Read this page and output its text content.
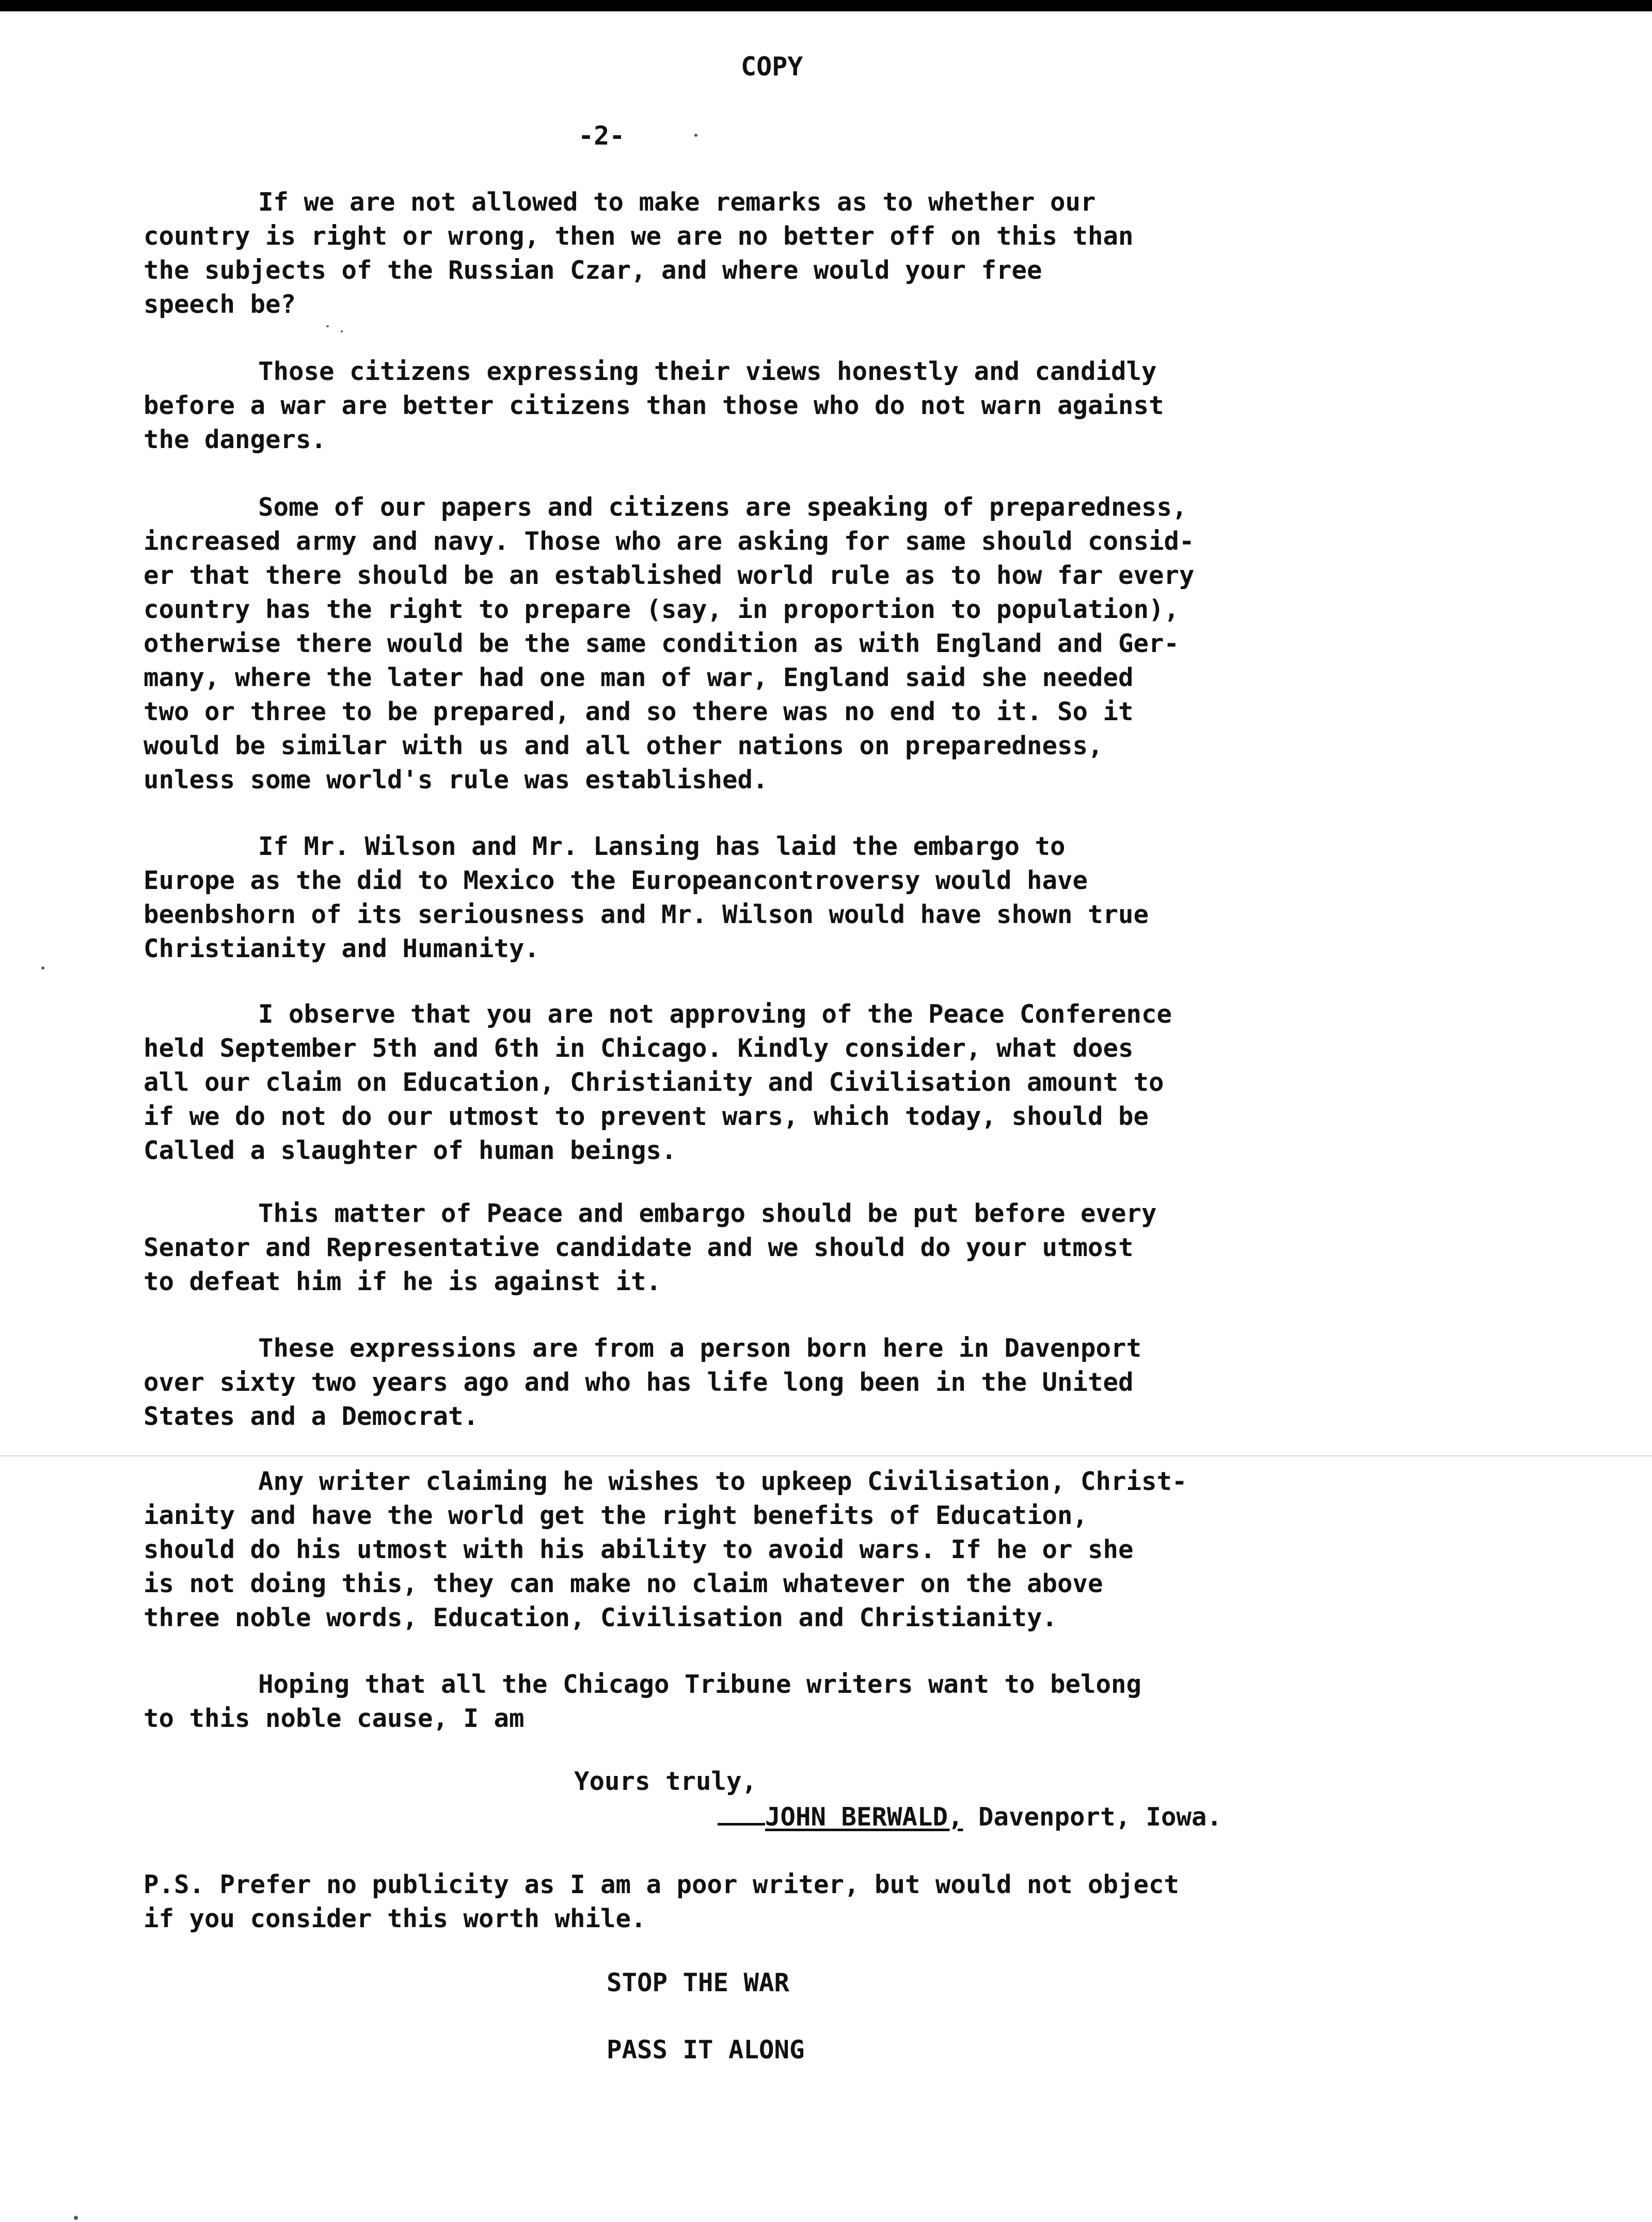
COPY
-2-
If we are not allowed to make remarks as to whether our
country is right or wrong, then we are no better off on this than
the subjects of the Russian Czar, and where would your free
speech be?
Those citizens expressing their views honestly and candidly
before a war are better citizens than those who do not warn against
the dangers.
Some of our papers and citizens are speaking of preparedness,
increased army and navy. Those who are asking for same should consid-
er that there should be an established world rule as to how far every
country has the right to prepare (say, in proportion to population),
otherwise there would be the same condition as with England and Ger-
many, where the later had one man of war, England said she needed
two or three to be prepared, and so there was no end to it. So it
would be similar with us and all other nations on preparedness,
unless some world's rule was established.
If Mr. Wilson and Mr. Lansing has laid the embargo to
Europe as the did to Mexico the Europeancontroversy would have
beenbshorn of its seriousness and Mr. Wilson would have shown true
Christianity and Humanity.
I observe that you are not approving of the Peace Conference
held September 5th and 6th in Chicago. Kindly consider, what does
all our claim on Education, Christianity and Civilisation amount to
if we do not do our utmost to prevent wars, which today, should be
Called a slaughter of human beings.
This matter of Peace and embargo should be put before every
Senator and Representative candidate and we should do your utmost
to defeat him if he is against it.
These expressions are from a person born here in Davenport
over sixty two years ago and who has life long been in the United
States and a Democrat.
Any writer claiming he wishes to upkeep Civilisation, Christ-
ianity and have the world get the right benefits of Education,
should do his utmost with his ability to avoid wars. If he or she
is not doing this, they can make no claim whatever on the above
three noble words, Education, Civilisation and Christianity.
Hoping that all the Chicago Tribune writers want to belong
to this noble cause, I am
Yours truly,
JOHN BERWALD, Davenport, Iowa.
P.S. Prefer no publicity as I am a poor writer, but would not object
if you consider this worth while.
STOP THE WAR
PASS IT ALONG
